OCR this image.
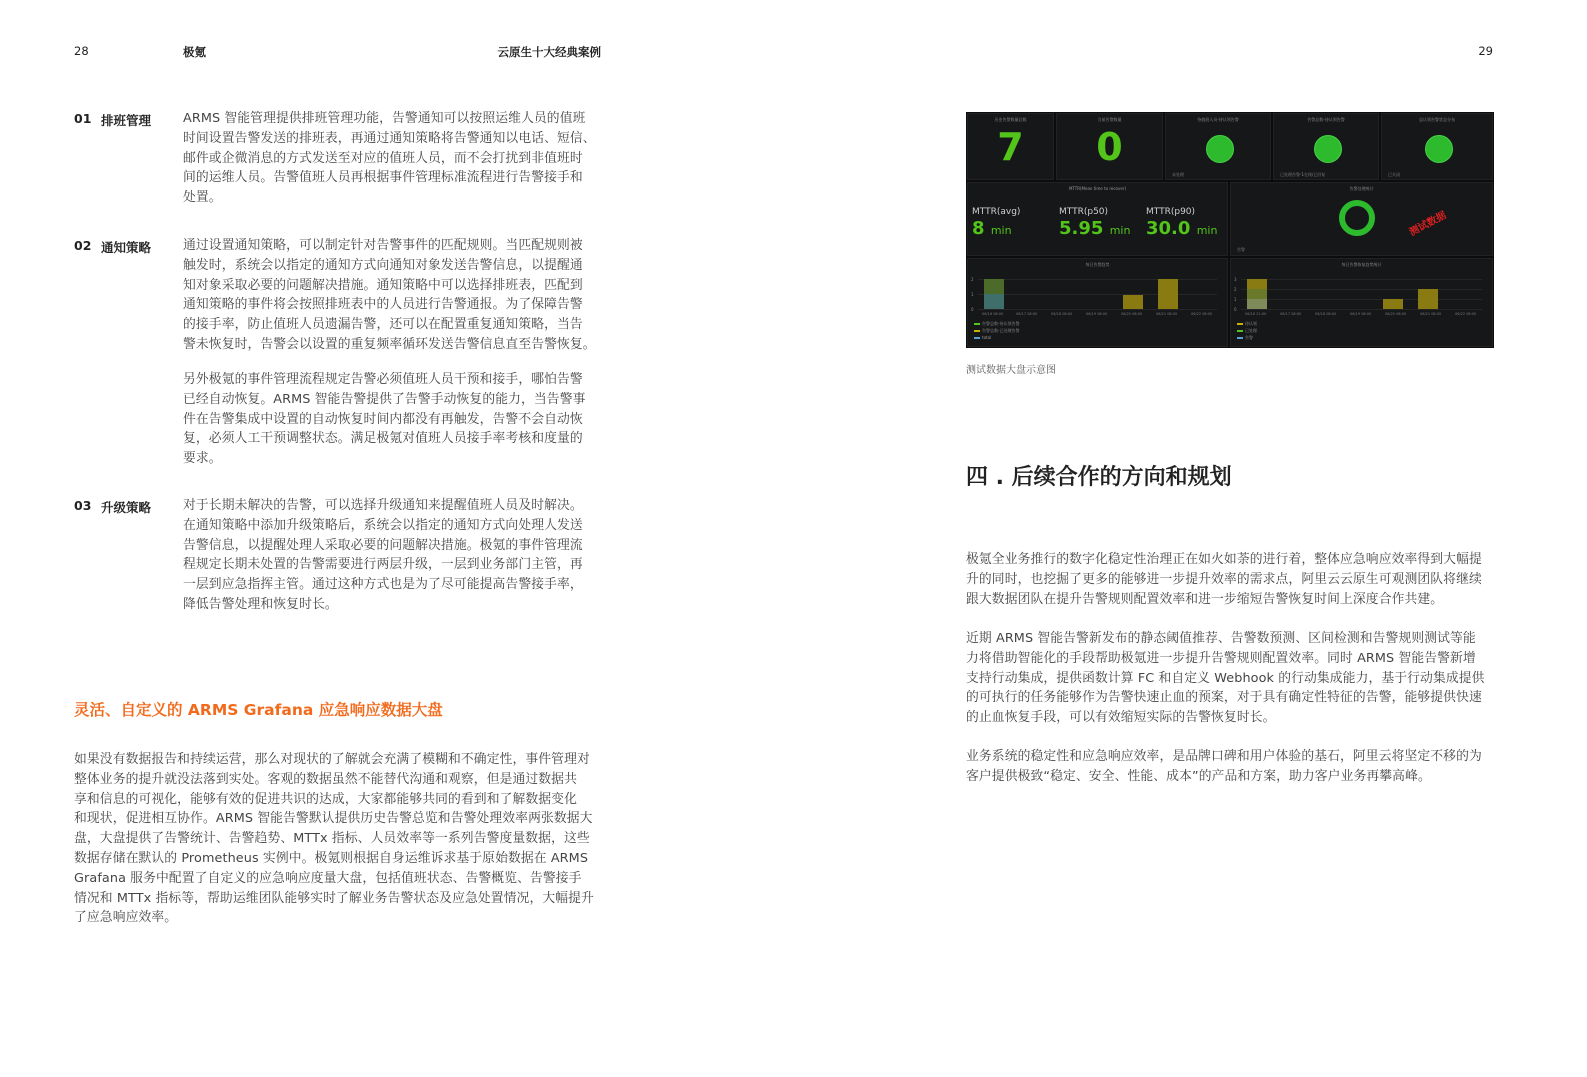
28	极氪	云原生十大经典案例
01 排班管理 ARMS 智能管理提供排班管理功能，告警通知可以按照运维人员的值班
时间设置告警发送的排班表，再通过通知策略将告警通知以电话、短信、
邮件或企微消息的方式发送至对应的值班人员，而不会打扰到非值班时
间的运维人员。告警值班人员再根据事件管理标准流程进行告警接手和
处置。
02 通知策略 通过设置通知策略，可以制定针对告警事件的匹配规则。当匹配规则被
触发时，系统会以指定的通知方式向通知对象发送告警信息，以提醒通
知对象采取必要的问题解决措施。通知策略中可以选择排班表，匹配到
通知策略的事件将会按照排班表中的人员进行告警通报。为了保障告警
的接手率，防止值班人员遗漏告警，还可以在配置重复通知策略，当告
警未恢复时，告警会以设置的重复频率循环发送告警信息直至告警恢复。
另外极氪的事件管理流程规定告警必须值班人员干预和接手，哪怕告警
已经自动恢复。ARMS 智能告警提供了告警手动恢复的能力，当告警事
件在告警集成中设置的自动恢复时间内都没有再触发，告警不会自动恢
复，必须人工干预调整状态。满足极氪对值班人员接手率考核和度量的
要求。
03 升级策略 对于长期未解决的告警，可以选择升级通知来提醒值班人员及时解决。
在通知策略中添加升级策略后，系统会以指定的通知方式向处理人发送
告警信息，以提醒处理人采取必要的问题解决措施。极氪的事件管理流
程规定长期未处置的告警需要进行两层升级，一层到业务部门主管，再
一层到应急指挥主管。通过这种方式也是为了尽可能提高告警接手率，
降低告警处理和恢复时长。
灵活、自定义的 ARMS Grafana 应急响应数据大盘
如果没有数据报告和持续运营，那么对现状的了解就会充满了模糊和不确定性，事件管理对
整体业务的提升就没法落到实处。客观的数据虽然不能替代沟通和观察，但是通过数据共
享和信息的可视化，能够有效的促进共识的达成，大家都能够共同的看到和了解数据变化
和现状，促进相互协作。ARMS 智能告警默认提供历史告警总览和告警处理效率两张数据大
盘，大盘提供了告警统计、告警趋势、MTTx 指标、人员效率等一系列告警度量数据，这些
数据存储在默认的 Prometheus 实例中。极氪则根据自身运维诉求基于原始数据在 ARMS
Grafana 服务中配置了自定义的应急响应度量大盘，包括值班状态、告警概览、告警接手
情况和 MTTx 指标等，帮助运维团队能够实时了解业务告警状态及应急处置情况，大幅提升
了应急响应效率。
29
历史告警数量总数
7
当前告警数量
0
待值班人员-待认领告警
未处理
告警总数-待认领告警
已处理告警-1在线/已回复
总认领告警状态分布
已关闭
MTTR(Mean time to recover)
MTTR(avg)
8 min
MTTR(p50)
5.95 min
MTTR(p90)
30.0 min
告警处理统计
测试数据
告警
每日告警趋势
06/16 08:00	06/17 08:00	06/18 08:00	06/19 08:00	06/20 08:00	06/21 08:00	06/22 08:00
告警总数-待认领告警
告警总数-已处理告警
total
2
1
0
每日告警恢复趋势统计
06/16 21:00	06/17 08:00	06/18 08:00	06/19 08:00	06/20 08:00	06/21 08:00	06/22 08:00
待认领
已处理
告警
3
2
1
0
测试数据大盘示意图
四 . 后续合作的方向和规划
极氪全业务推行的数字化稳定性治理正在如火如荼的进行着，整体应急响应效率得到大幅提
升的同时，也挖掘了更多的能够进一步提升效率的需求点，阿里云云原生可观测团队将继续
跟大数据团队在提升告警规则配置效率和进一步缩短告警恢复时间上深度合作共建。
近期 ARMS 智能告警新发布的静态阈值推荐、告警数预测、区间检测和告警规则测试等能
力将借助智能化的手段帮助极氪进一步提升告警规则配置效率。同时 ARMS 智能告警新增
支持行动集成，提供函数计算 FC 和自定义 Webhook 的行动集成能力，基于行动集成提供
的可执行的任务能够作为告警快速止血的预案，对于具有确定性特征的告警，能够提供快速
的止血恢复手段，可以有效缩短实际的告警恢复时长。
业务系统的稳定性和应急响应效率，是品牌口碑和用户体验的基石，阿里云将坚定不移的为
客户提供极致“稳定、安全、性能、成本”的产品和方案，助力客户业务再攀高峰。
